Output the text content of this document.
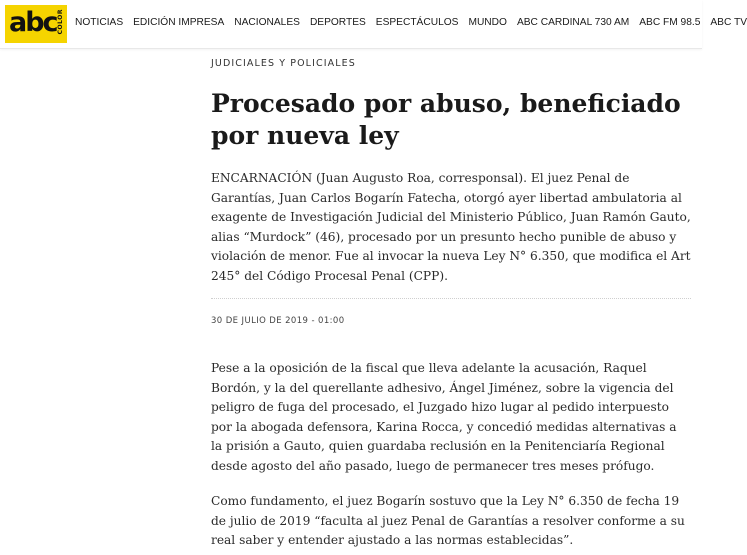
abc COLOR NOTICIAS EDICIÓN IMPRESA NACIONALES DEPORTES ESPECTÁCULOS MUNDO ABC CARDINAL 730 AM ABC FM 98.5 ABC TV
JUDICIALES Y POLICIALES
Procesado por abuso, beneficiado por nueva ley

ENCARNACIÓN (Juan Augusto Roa, corresponsal). El juez Penal de Garantías, Juan Carlos Bogarín Fatecha, otorgó ayer libertad ambulatoria al exagente de Investigación Judicial del Ministerio Público, Juan Ramón Gauto, alias “Murdock” (46), procesado por un presunto hecho punible de abuso y violación de menor. Fue al invocar la nueva Ley N° 6.350, que modifica el Art 245° del Código Procesal Penal (CPP).

30 DE JULIO DE 2019 - 01:00

Pese a la oposición de la fiscal que lleva adelante la acusación, Raquel Bordón, y la del querellante adhesivo, Ángel Jiménez, sobre la vigencia del peligro de fuga del procesado, el Juzgado hizo lugar al pedido interpuesto por la abogada defensora, Karina Rocca, y concedió medidas alternativas a la prisión a Gauto, quien guardaba reclusión en la Penitenciaría Regional desde agosto del año pasado, luego de permanecer tres meses prófugo.

Como fundamento, el juez Bogarín sostuvo que la Ley N° 6.350 de fecha 19 de julio de 2019 “faculta al juez Penal de Garantías a resolver conforme a su real saber y entender ajustado a las normas establecidas”.
